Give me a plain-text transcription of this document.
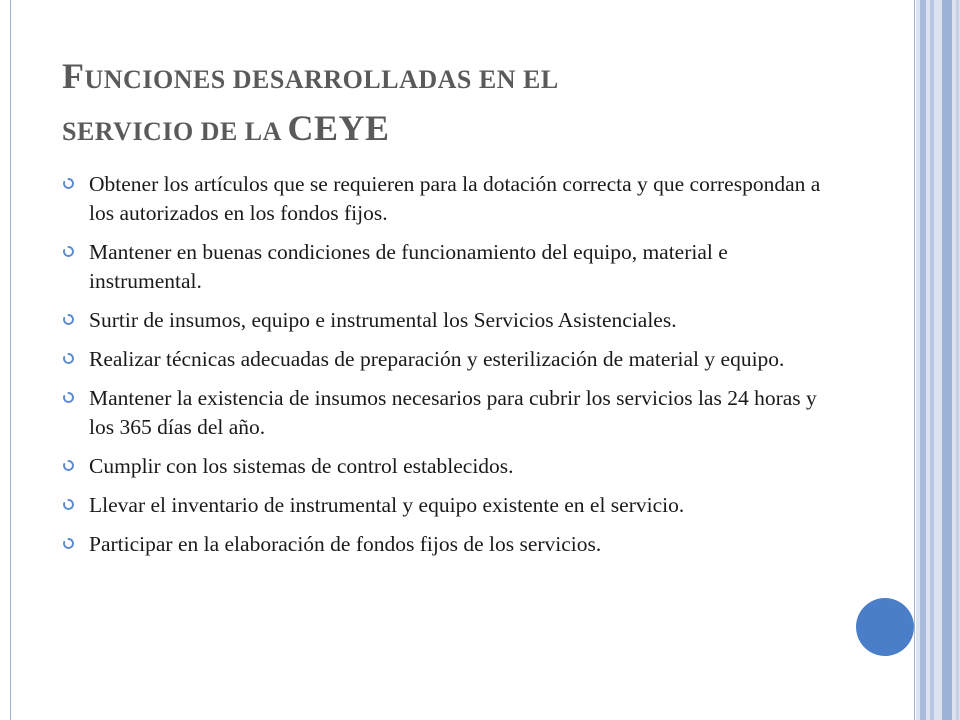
FUNCIONES DESARROLLADAS EN EL
SERVICIO DE LA CEYE
Obtener los artículos que se requieren para la dotación correcta y que correspondan a los autorizados en los fondos fijos.
Mantener en buenas condiciones de funcionamiento del equipo, material e instrumental.
Surtir de insumos, equipo e instrumental los Servicios Asistenciales.
Realizar técnicas adecuadas de preparación y esterilización de material y equipo.
Mantener la existencia de insumos necesarios para cubrir los servicios las 24 horas y los 365 días del año.
Cumplir con los sistemas de control establecidos.
Llevar el inventario de instrumental y equipo existente en el servicio.
Participar en la elaboración de fondos fijos de los servicios.
